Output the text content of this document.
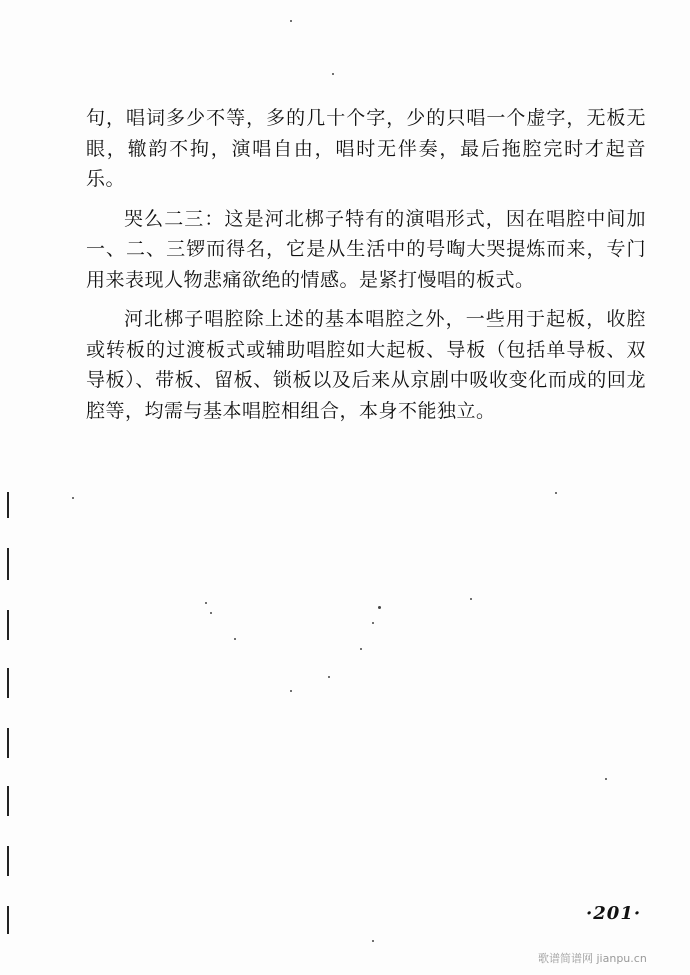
句，唱词多少不等，多的几十个字，少的只唱一个虚字，无板无眼，辙韵不拘，演唱自由，唱时无伴奏，最后拖腔完时才起音乐。

哭么二三：这是河北梆子特有的演唱形式，因在唱腔中间加一、二、三锣而得名，它是从生活中的号啕大哭提炼而来，专门用来表现人物悲痛欲绝的情感。是紧打慢唱的板式。

河北梆子唱腔除上述的基本唱腔之外，一些用于起板，收腔或转板的过渡板式或辅助唱腔如大起板、导板（包括单导板、双导板）、带板、留板、锁板以及后来从京剧中吸收变化而成的回龙腔等，均需与基本唱腔相组合，本身不能独立。

·201·
歌谱简谱网 jianpu.cn
